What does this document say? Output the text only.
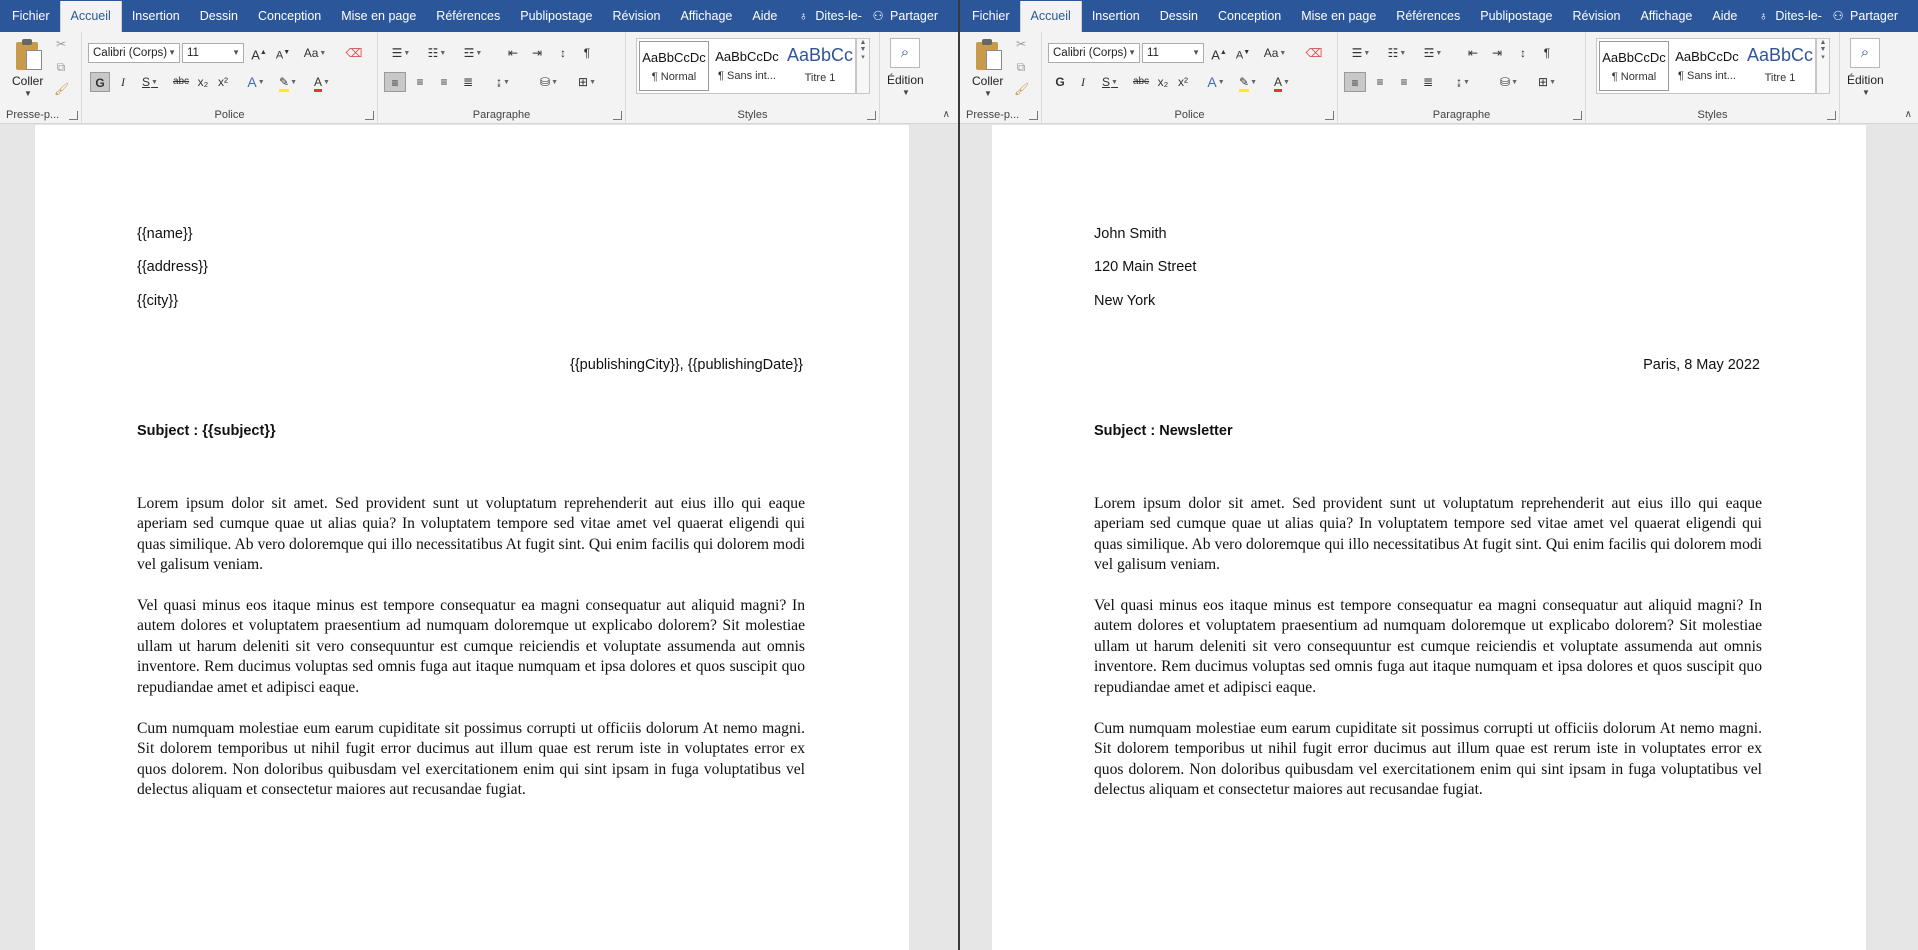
Fichier	Accueil	Insertion	Dessin	Conception	Mise en page	Références	Publipostage	Révision	Affichage	Aide	♁ Dites-le- ⚇ Partager
Coller
▼
✂
⧉
🖌
Presse-p...
Calibri (Corps) ▼ 11	▼ A▲ A▼	Aa▼	⌫
G	I	S▼	abc x₂ x²	A▼	✎▼	A▼
Police
☰▼	☷▼	☲▼	⇤	⇥	↕	¶
≡	≡	≡	≣	↨▼	⛁▼	⊞▼
Paragraphe
AaBbCcDc
¶ Normal
AaBbCcDc
¶ Sans int...
AaBbCc
Titre 1
▲
▼
▾
Styles
⌕
Édition
▼
∧
{{name}}
{{address}}
{{city}}
{{publishingCity}}, {{publishingDate}}
Subject : {{subject}}
Lorem ipsum dolor sit amet. Sed provident sunt ut voluptatum reprehenderit aut eius illo qui eaque aperiam sed cumque quae ut alias quia? In voluptatem tempore sed vitae amet vel quaerat eligendi qui quas similique. Ab vero doloremque qui illo necessitatibus At fugit sint. Qui enim facilis qui dolorem modi vel galisum veniam.
Vel quasi minus eos itaque minus est tempore consequatur ea magni consequatur aut aliquid magni? In autem dolores et voluptatem praesentium ad numquam doloremque ut explicabo dolorem? Sit molestiae ullam ut harum deleniti sit vero consequuntur est cumque reiciendis et voluptate assumenda aut omnis inventore. Rem ducimus voluptas sed omnis fuga aut itaque numquam et ipsa dolores et quos suscipit quo repudiandae amet et adipisci eaque.
Cum numquam molestiae eum earum cupiditate sit possimus corrupti ut officiis dolorum At nemo magni. Sit dolorem temporibus ut nihil fugit error ducimus aut illum quae est rerum iste in voluptates error ex quos dolorem. Non doloribus quibusdam vel exercitationem enim qui sint ipsam in fuga voluptatibus vel delectus aliquam et consectetur maiores aut recusandae fugiat.
Fichier	Accueil	Insertion	Dessin	Conception	Mise en page	Références	Publipostage	Révision	Affichage	Aide	♁ Dites-le- ⚇ Partager
Coller
▼
✂
⧉
🖌
Presse-p...
Calibri (Corps) ▼ 11	▼ A▲ A▼	Aa▼	⌫
G	I	S▼	abc x₂ x²	A▼	✎▼	A▼
Police
☰▼	☷▼	☲▼	⇤	⇥	↕	¶
≡	≡	≡	≣	↨▼	⛁▼	⊞▼
Paragraphe
AaBbCcDc
¶ Normal
AaBbCcDc
¶ Sans int...
AaBbCc
Titre 1
▲
▼
▾
Styles
⌕
Édition
▼
∧
John Smith
120 Main Street
New York
Paris, 8 May 2022
Subject : Newsletter
Lorem ipsum dolor sit amet. Sed provident sunt ut voluptatum reprehenderit aut eius illo qui eaque aperiam sed cumque quae ut alias quia? In voluptatem tempore sed vitae amet vel quaerat eligendi qui quas similique. Ab vero doloremque qui illo necessitatibus At fugit sint. Qui enim facilis qui dolorem modi vel galisum veniam.
Vel quasi minus eos itaque minus est tempore consequatur ea magni consequatur aut aliquid magni? In autem dolores et voluptatem praesentium ad numquam doloremque ut explicabo dolorem? Sit molestiae ullam ut harum deleniti sit vero consequuntur est cumque reiciendis et voluptate assumenda aut omnis inventore. Rem ducimus voluptas sed omnis fuga aut itaque numquam et ipsa dolores et quos suscipit quo repudiandae amet et adipisci eaque.
Cum numquam molestiae eum earum cupiditate sit possimus corrupti ut officiis dolorum At nemo magni. Sit dolorem temporibus ut nihil fugit error ducimus aut illum quae est rerum iste in voluptates error ex quos dolorem. Non doloribus quibusdam vel exercitationem enim qui sint ipsam in fuga voluptatibus vel delectus aliquam et consectetur maiores aut recusandae fugiat.
